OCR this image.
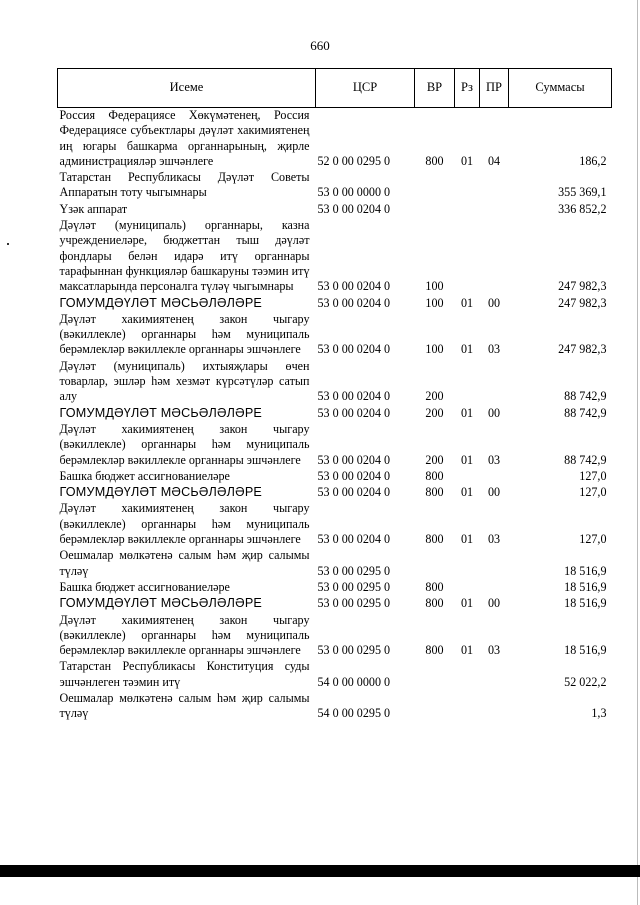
660
Исеме	ЦСР	ВР	Рз	ПР	Суммасы
Россия Федерациясе Хөкүмәтенең, Россия Федерациясе субъектлары дәүләт хакимиятенең иң югары башкарма органнарының, җирле администрацияләр эшчәнлеге	52 0 00 0295 0	800	01	04	186,2
Татарстан Республикасы Дәүләт Советы Аппаратын тоту чыгымнары	53 0 00 0000 0				355 369,1
Үзәк аппарат	53 0 00 0204 0				336 852,2
Дәүләт (муниципаль) органнары, казна учреждениеләре, бюджеттан тыш дәүләт фондлары белән идарә итү органнары тарафыннан функцияләр башкаруны тәэмин итү максатларында персоналга түләү чыгымнары	53 0 00 0204 0	100			247 982,3
ГОМУМДӘҮЛӘТ МӘСЬӘЛӘЛӘРЕ	53 0 00 0204 0	100	01	00	247 982,3
Дәүләт хакимиятенең закон чыгару (вәкиллекле) органнары һәм муниципаль берәмлекләр вәкиллекле органнары эшчәнлеге	53 0 00 0204 0	100	01	03	247 982,3
Дәүләт (муниципаль) ихтыяҗлары өчен товарлар, эшләр һәм хезмәт күрсәтүләр сатып алу	53 0 00 0204 0	200			88 742,9
ГОМУМДӘҮЛӘТ МӘСЬӘЛӘЛӘРЕ	53 0 00 0204 0	200	01	00	88 742,9
Дәүләт хакимиятенең закон чыгару (вәкиллекле) органнары һәм муниципаль берәмлекләр вәкиллекле органнары эшчәнлеге	53 0 00 0204 0	200	01	03	88 742,9
Башка бюджет ассигнованиеләре	53 0 00 0204 0	800			127,0
ГОМУМДӘҮЛӘТ МӘСЬӘЛӘЛӘРЕ	53 0 00 0204 0	800	01	00	127,0
Дәүләт хакимиятенең закон чыгару (вәкиллекле) органнары һәм муниципаль берәмлекләр вәкиллекле органнары эшчәнлеге	53 0 00 0204 0	800	01	03	127,0
Оешмалар мөлкәтенә салым һәм җир салымы түләү	53 0 00 0295 0				18 516,9
Башка бюджет ассигнованиеләре	53 0 00 0295 0	800			18 516,9
ГОМУМДӘҮЛӘТ МӘСЬӘЛӘЛӘРЕ	53 0 00 0295 0	800	01	00	18 516,9
Дәүләт хакимиятенең закон чыгару (вәкиллекле) органнары һәм муниципаль берәмлекләр вәкиллекле органнары эшчәнлеге	53 0 00 0295 0	800	01	03	18 516,9
Татарстан Республикасы Конституция суды эшчәнлеген тәэмин итү	54 0 00 0000 0				52 022,2
Оешмалар мөлкәтенә салым һәм җир салымы түләү	54 0 00 0295 0				1,3
